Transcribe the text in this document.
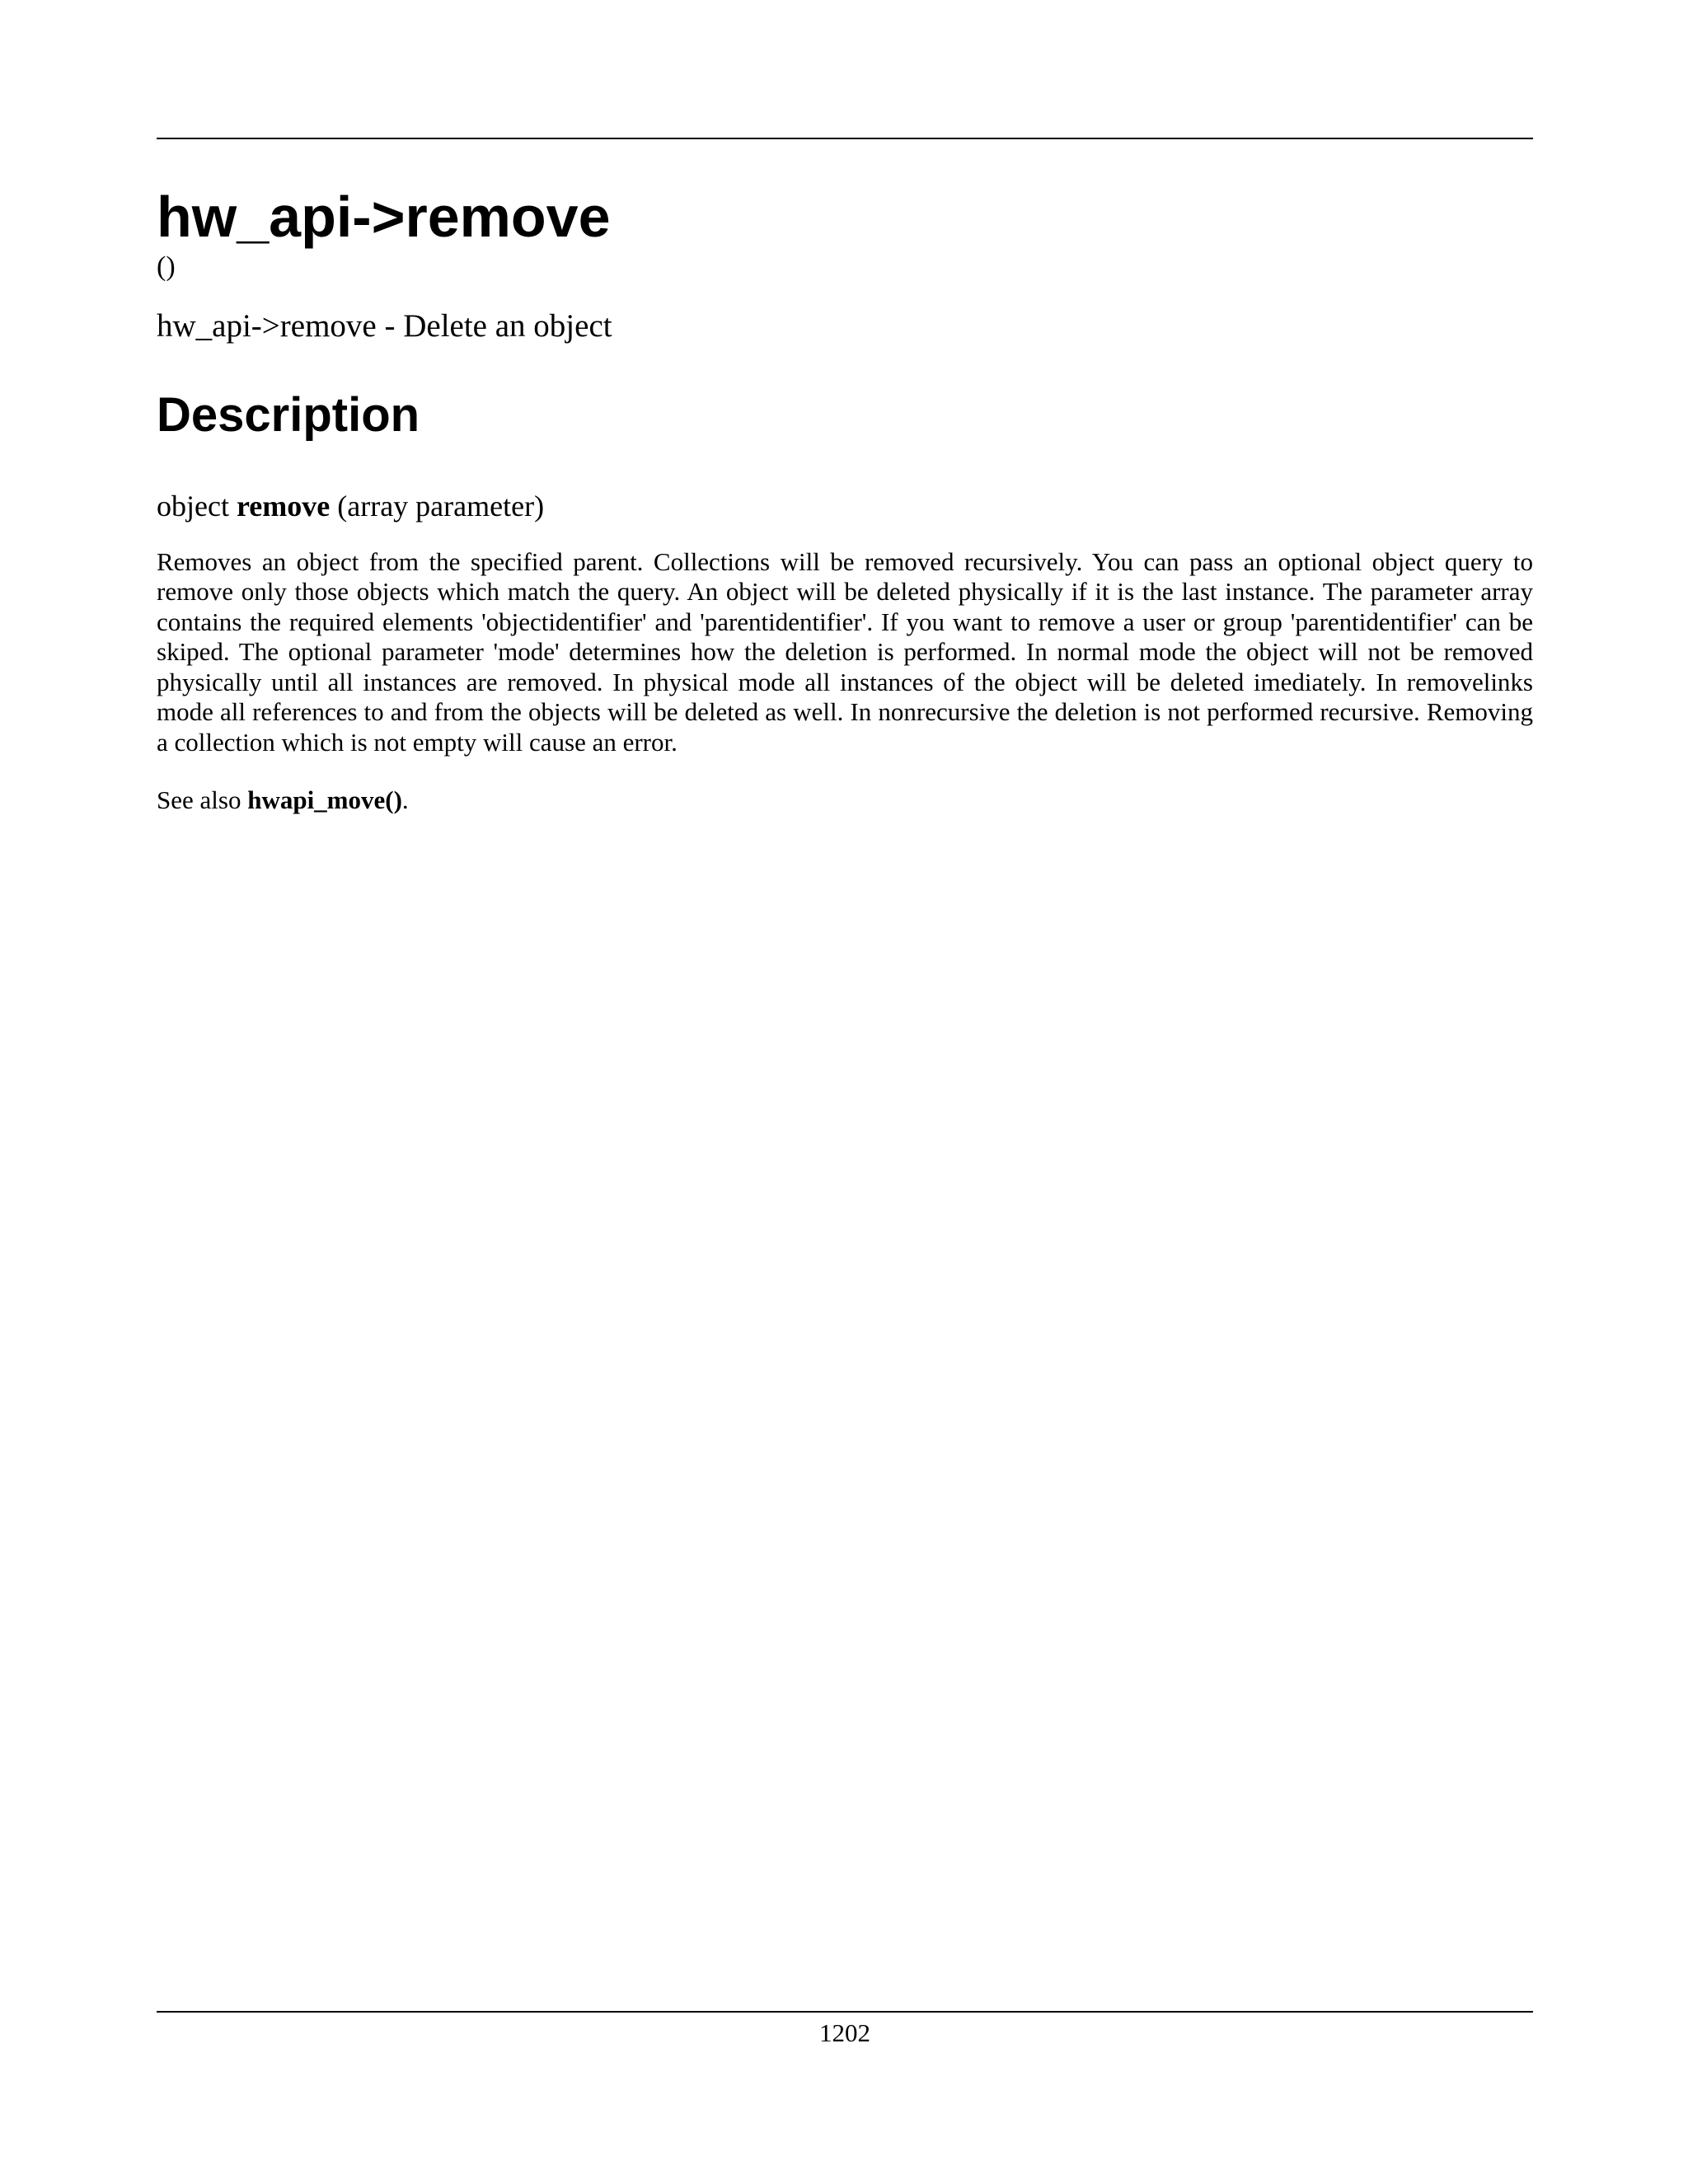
hw_api->remove
()
hw_api->remove - Delete an object
Description
object remove (array parameter)

Removes an object from the specified parent. Collections will be removed recursively. You can pass an optional object query to remove only those objects which match the query. An object will be deleted physically if it is the last instance. The parameter array contains the required elements 'objectidentifier' and 'parentidentifier'. If you want to remove a user or group 'parentidentifier' can be skiped. The optional parameter 'mode' determines how the deletion is performed. In normal mode the object will not be removed physically until all instances are removed. In physical mode all instances of the object will be deleted imediately. In removelinks mode all references to and from the objects will be deleted as well. In nonrecursive the deletion is not performed recursive. Removing a collection which is not empty will cause an error.

See also hwapi_move().

1202
